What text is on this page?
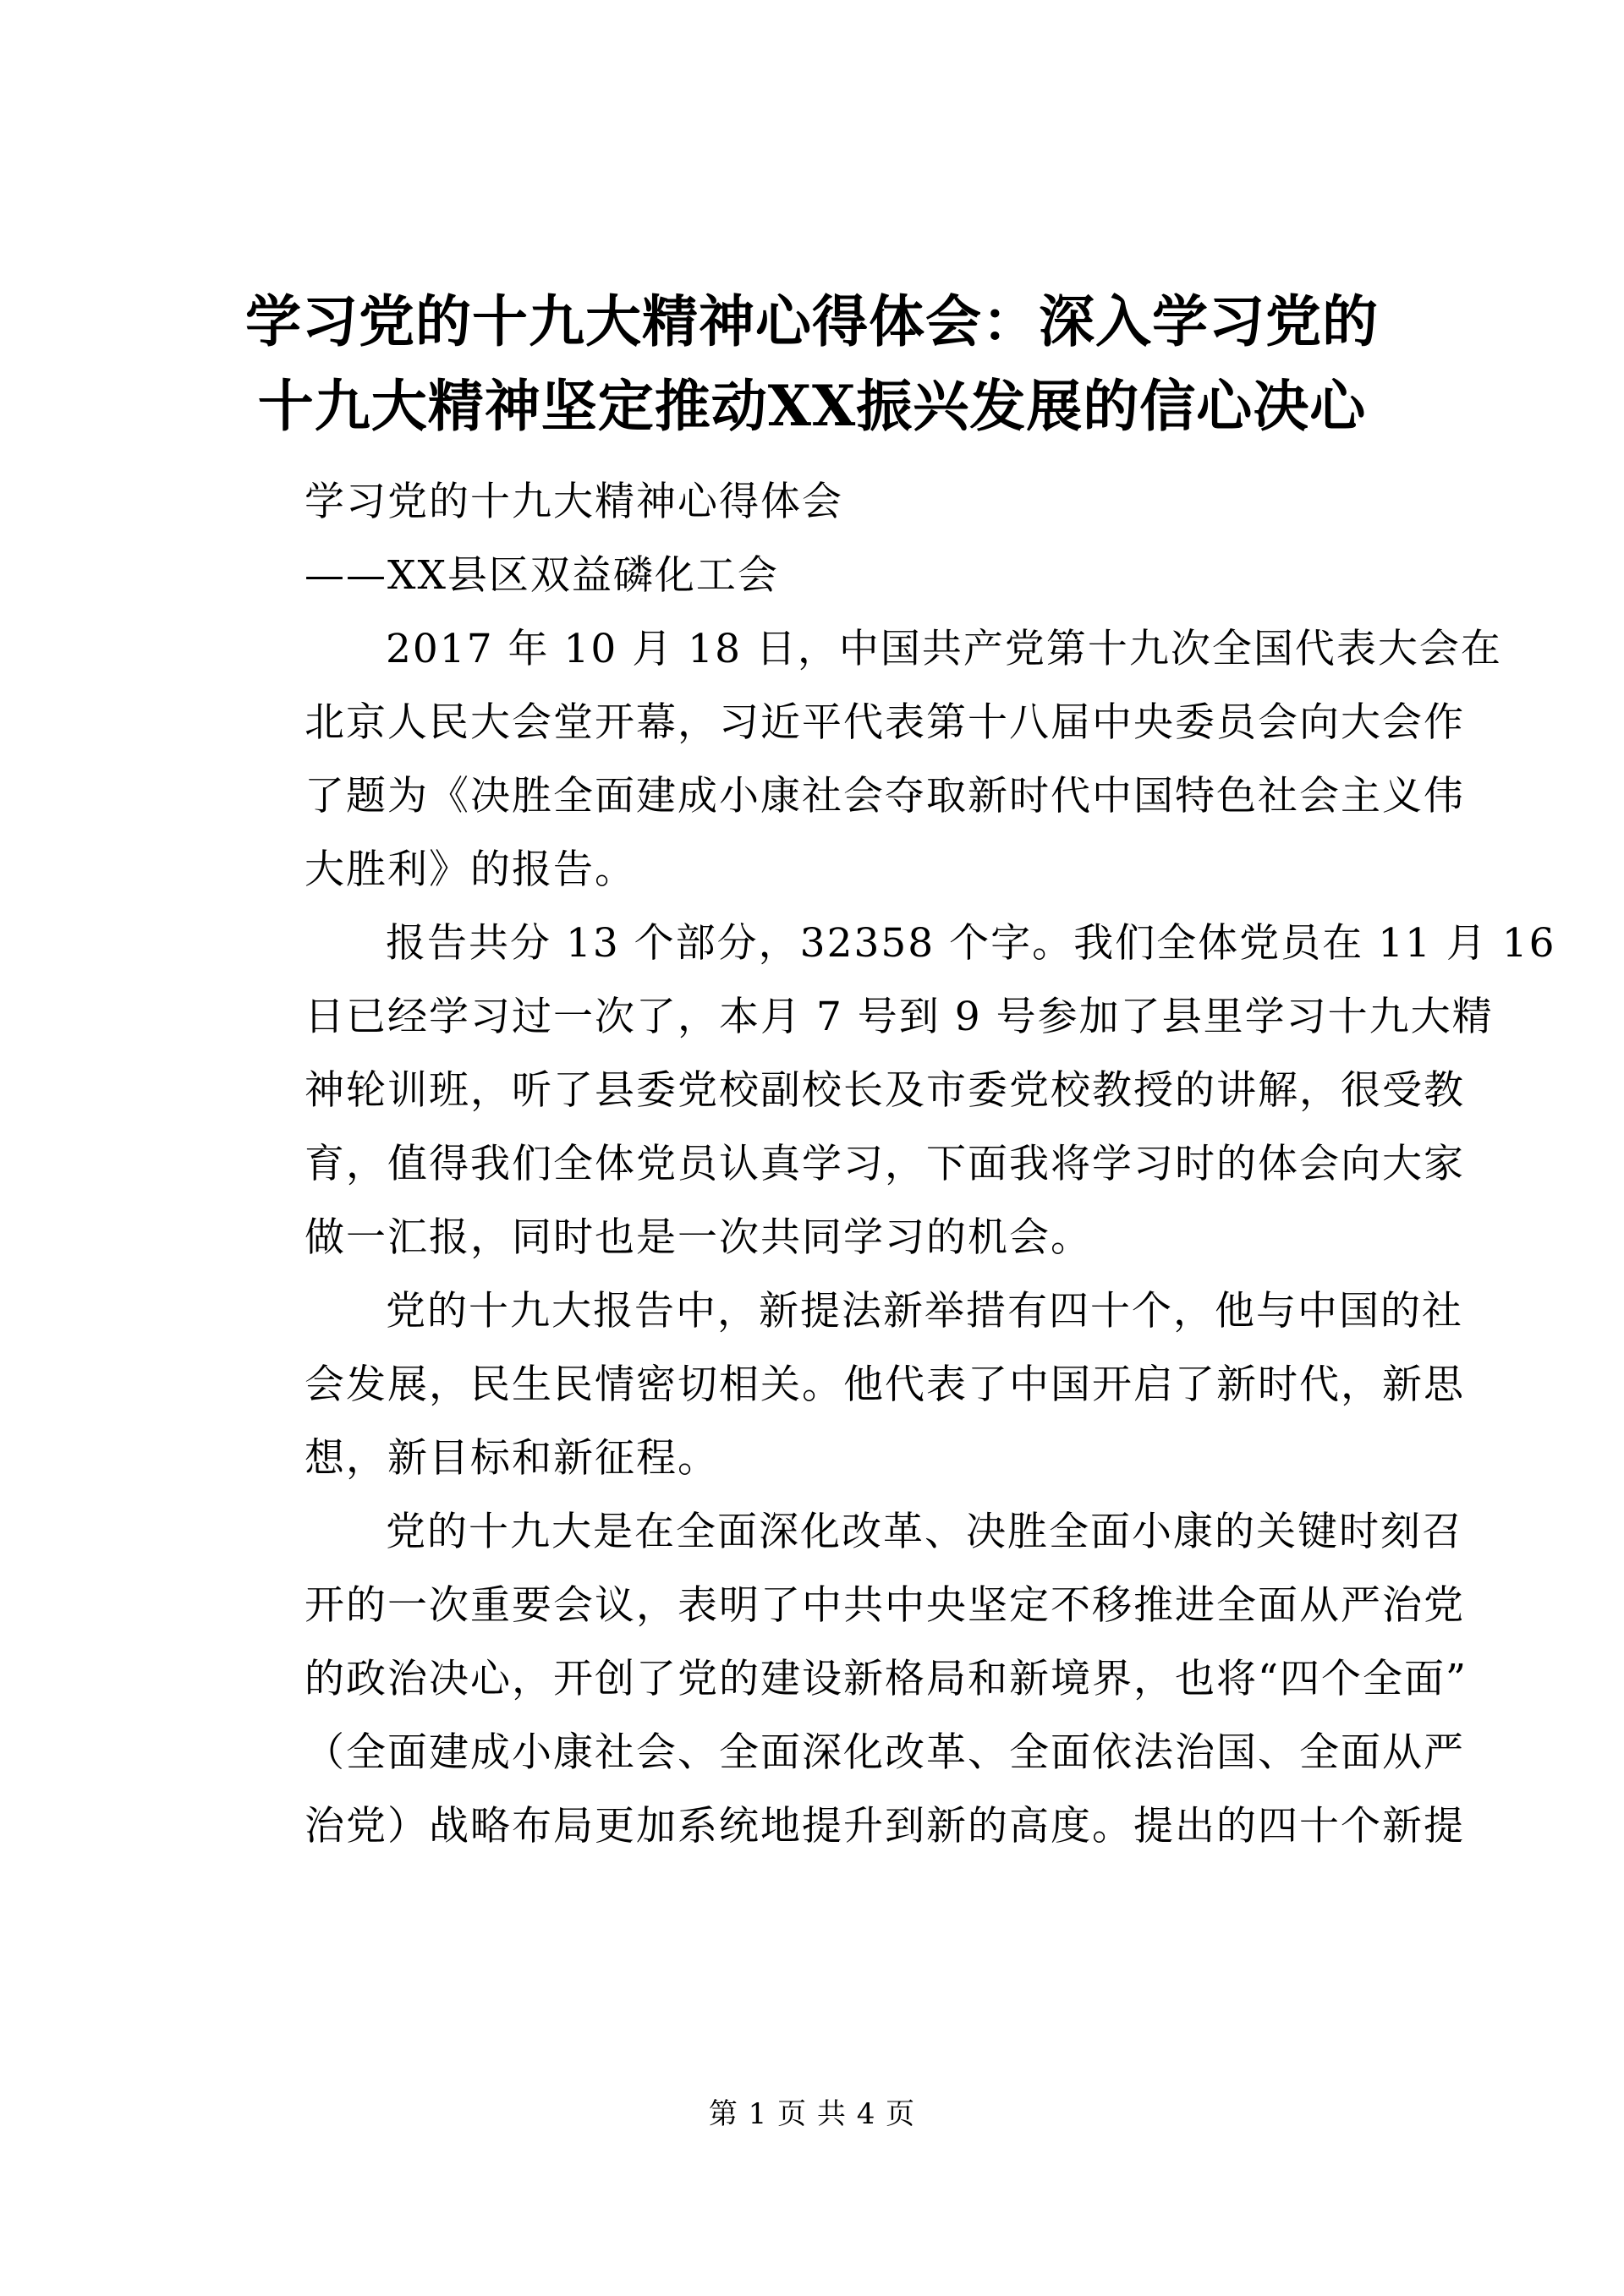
学习党的十九大精神心得体会：深入学习党的
十九大精神坚定推动XX振兴发展的信心决心
学习党的十九大精神心得体会
——XX县区双益磷化工会
2017 年 10 月 18 日，中国共产党第十九次全国代表大会在
北京人民大会堂开幕，习近平代表第十八届中央委员会向大会作
了题为《决胜全面建成小康社会夺取新时代中国特色社会主义伟
大胜利》的报告。
报告共分 13 个部分，32358 个字。我们全体党员在 11 月 16
日已经学习过一次了，本月 7 号到 9 号参加了县里学习十九大精
神轮训班，听了县委党校副校长及市委党校教授的讲解，很受教
育，值得我们全体党员认真学习，下面我将学习时的体会向大家
做一汇报，同时也是一次共同学习的机会。
党的十九大报告中，新提法新举措有四十个，他与中国的社
会发展，民生民情密切相关。他代表了中国开启了新时代，新思
想，新目标和新征程。
党的十九大是在全面深化改革、决胜全面小康的关键时刻召
开的一次重要会议，表明了中共中央坚定不移推进全面从严治党
的政治决心，开创了党的建设新格局和新境界，也将“四个全面”
（全面建成小康社会、全面深化改革、全面依法治国、全面从严
治党）战略布局更加系统地提升到新的高度。提出的四十个新提
第 1 页 共 4 页
